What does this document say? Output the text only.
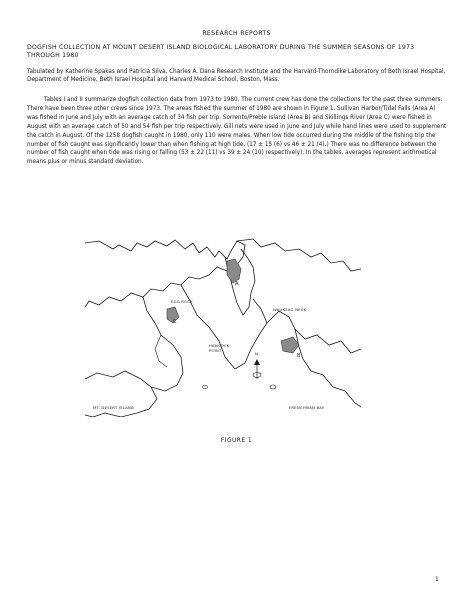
RESEARCH REPORTS
DOGFISH COLLECTION AT MOUNT DESERT ISLAND BIOLOGICAL LABORATORY DURING THE SUMMER SEASONS OF 1973 THROUGH 1980
Tabulated by Katherine Spakas and Patricia Silva, Charles A. Dana Research Institute and the Harvard-Thorndike Laboratory of Beth Israel Hospital, Department of Medicine, Beth Israel Hospital and Harvard Medical School, Boston, Mass.

Tables I and II summarize dogfish collection data from 1973 to 1980. The current crew has done the collections for the past three summers. There have been three other crews since 1973. The areas fished the summer of 1980 are shown in Figure 1. Sullivan Harbor/Tidal Falls (Area A) was fished in June and July with an average catch of 34 fish per trip. Sorrento/Preble Island (Area B) and Skillings River (Area C) were fished in August with an average catch of 50 and 54 fish per trip respectively. Gill nets were used in June and July while hand lines were used to supplement the catch in August. Of the 1258 dogfish caught in 1980, only 110 were males. When low tide occurred during the middle of the fishing trip the number of fish caught was significantly lower than when fishing at high tide. (17 ± 15 (6) vs 46 ± 21 (4).) There was no difference between the number of fish caught when tide was rising or falling (53 ± 22 (11) vs 39 ± 24 (10) respectively). In the tables, averages represent arithmetical means plus or minus standard deviation.

A
B
C
EGG ROCK
WAUKEAG NECK
HANCOCK POINT
MT. DESERT ISLAND	FRENCHMAN BAY
N
FIGURE 1
1
